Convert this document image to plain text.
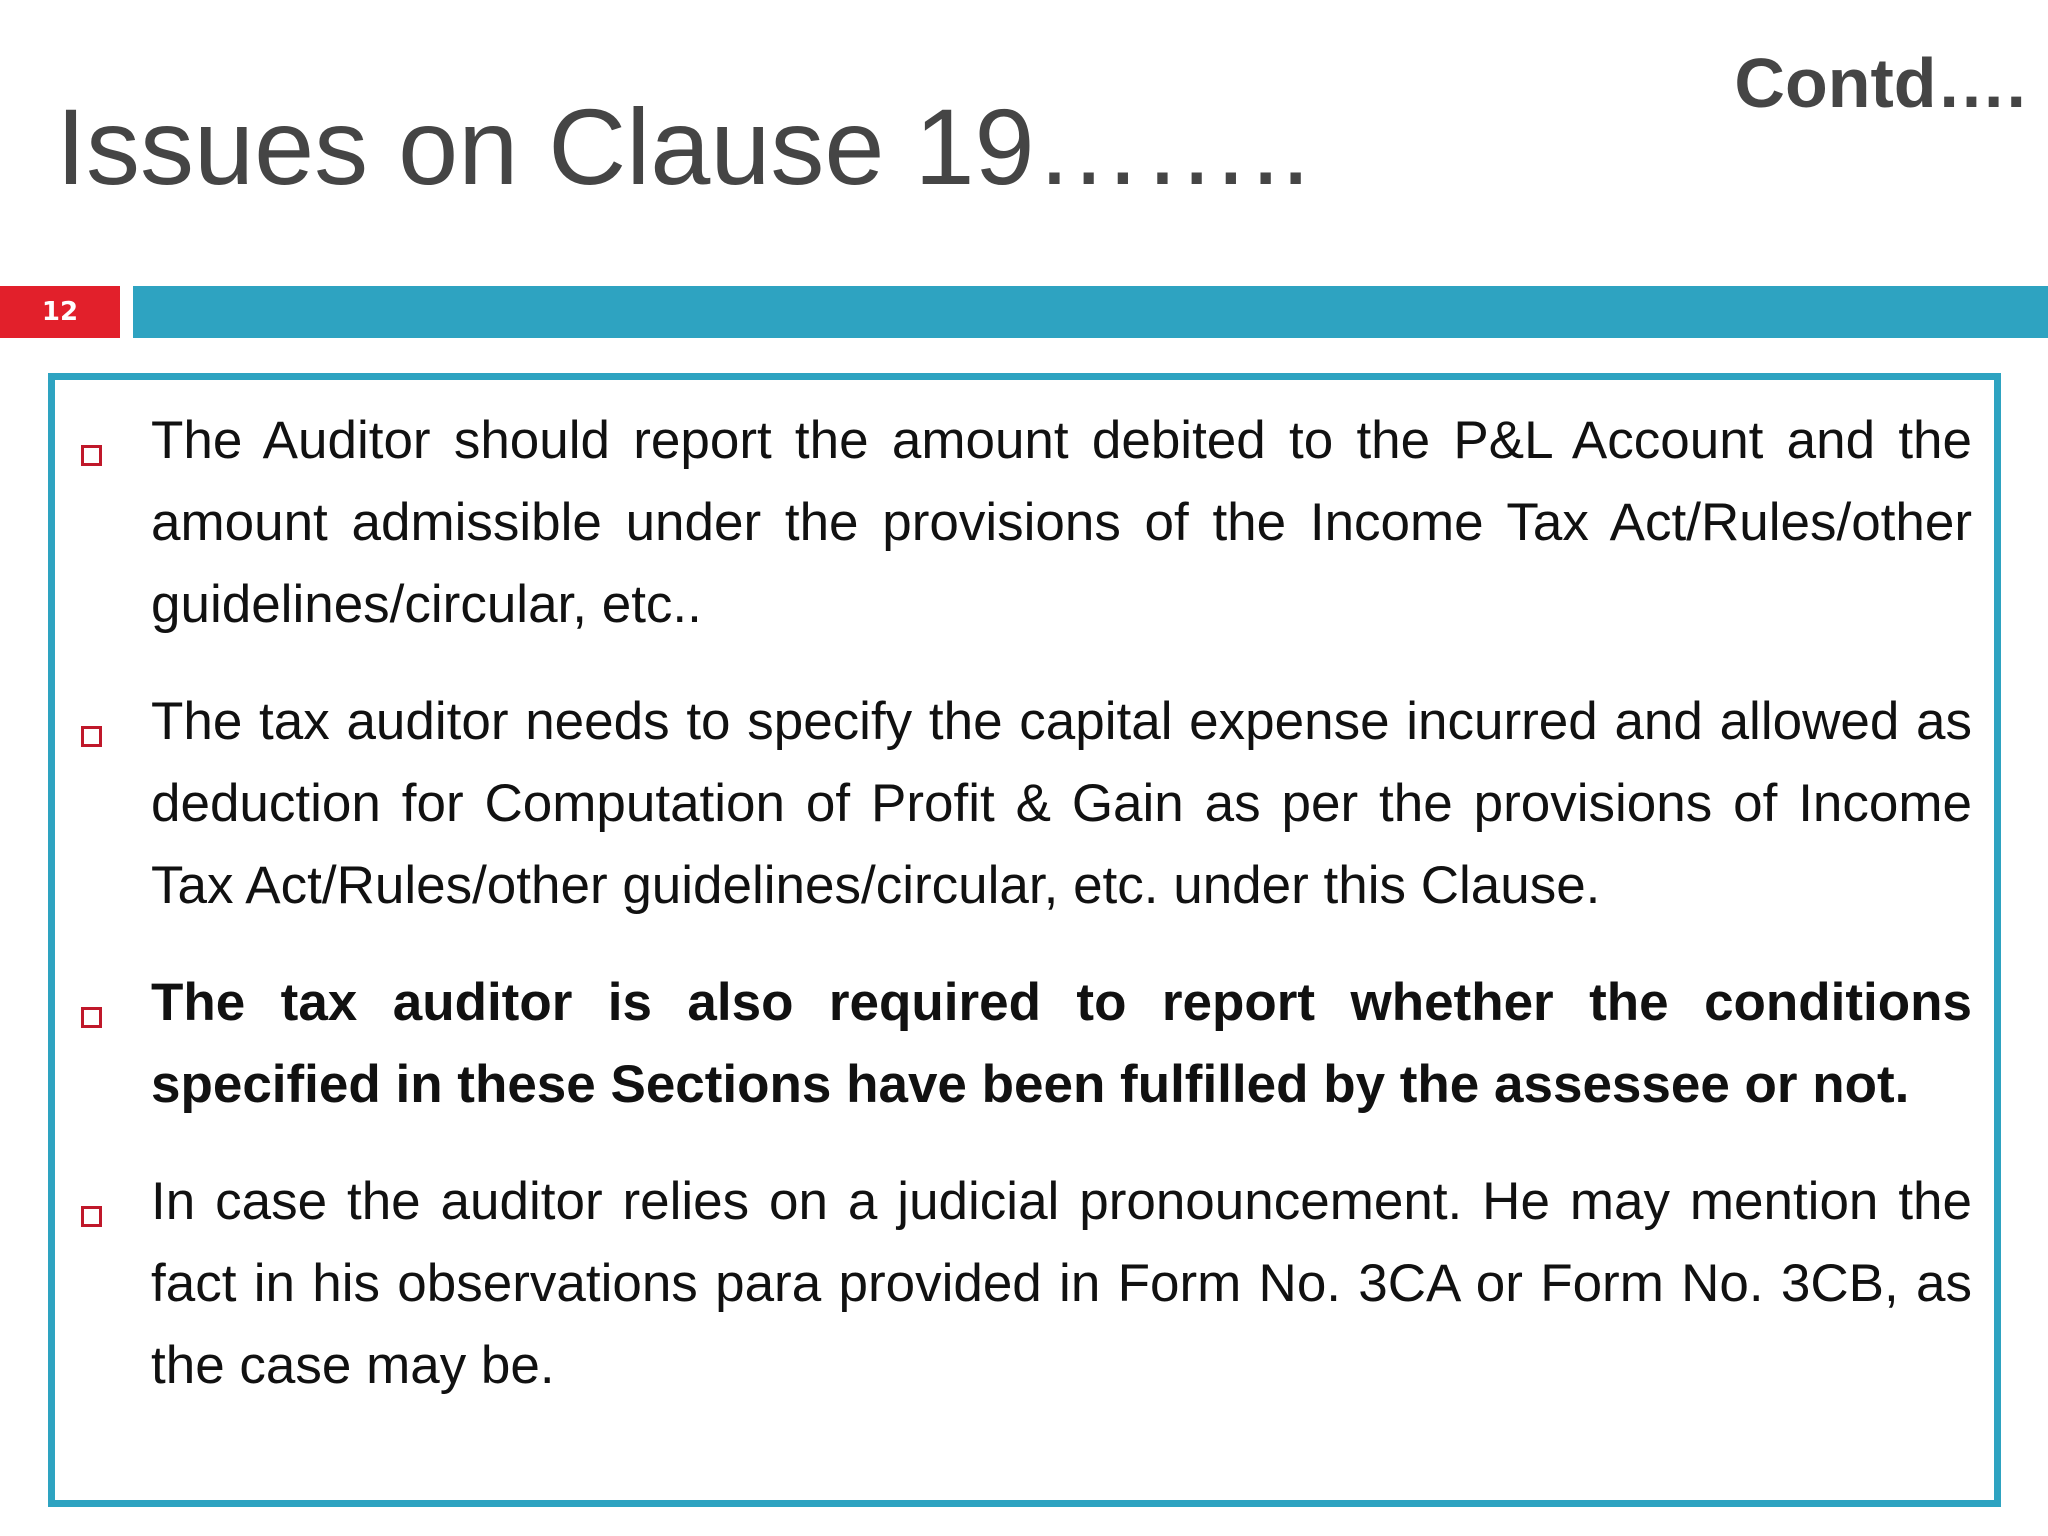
Issues on Clause 19……..
Contd….
12
The Auditor should report the amount debited to the P&L Account and the amount admissible under the provisions of the Income Tax Act/Rules/other guidelines/circular, etc..
The tax auditor needs to specify the capital expense incurred and allowed as deduction for Computation of Profit & Gain as per the provisions of Income Tax Act/Rules/other guidelines/circular, etc. under this Clause.
The tax auditor is also required to report whether the conditions specified in these Sections have been fulfilled by the assessee or not.
In case the auditor relies on a judicial pronouncement. He may mention the fact in his observations para provided in Form No. 3CA or Form No. 3CB, as the case may be.
